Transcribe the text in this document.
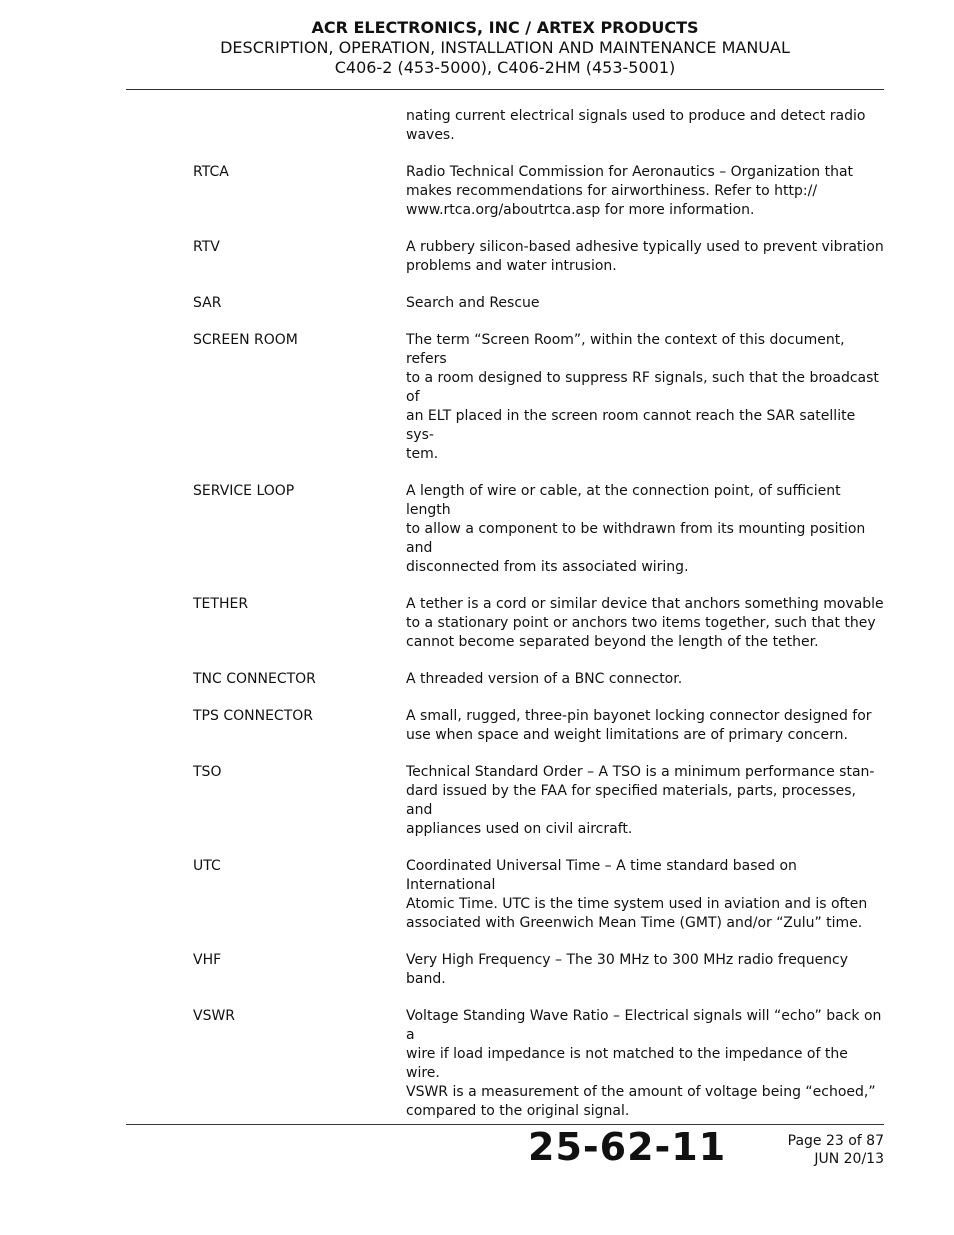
ACR ELECTRONICS, INC / ARTEX PRODUCTS
DESCRIPTION, OPERATION, INSTALLATION AND MAINTENANCE MANUAL
C406-2 (453-5000), C406-2HM (453-5001)
nating current electrical signals used to produce and detect radio
waves.
RTCA	Radio Technical Commission for Aeronautics – Organization that
makes recommendations for airworthiness. Refer to http://
www.rtca.org/aboutrtca.asp for more information.
RTV	A rubbery silicon-based adhesive typically used to prevent vibration
problems and water intrusion.
SAR	Search and Rescue
SCREEN ROOM	The term “Screen Room”, within the context of this document, refers
to a room designed to suppress RF signals, such that the broadcast of
an ELT placed in the screen room cannot reach the SAR satellite sys-
tem.
SERVICE LOOP	A length of wire or cable, at the connection point, of sufficient length
to allow a component to be withdrawn from its mounting position and
disconnected from its associated wiring.
TETHER	A tether is a cord or similar device that anchors something movable
to a stationary point or anchors two items together, such that they
cannot become separated beyond the length of the tether.
TNC CONNECTOR	A threaded version of a BNC connector.
TPS CONNECTOR	A small, rugged, three-pin bayonet locking connector designed for
use when space and weight limitations are of primary concern.
TSO	Technical Standard Order – A TSO is a minimum performance stan-
dard issued by the FAA for specified materials, parts, processes, and
appliances used on civil aircraft.
UTC	Coordinated Universal Time – A time standard based on International
Atomic Time. UTC is the time system used in aviation and is often
associated with Greenwich Mean Time (GMT) and/or “Zulu” time.
VHF	Very High Frequency – The 30 MHz to 300 MHz radio frequency band.
VSWR	Voltage Standing Wave Ratio – Electrical signals will “echo” back on a
wire if load impedance is not matched to the impedance of the wire.
VSWR is a measurement of the amount of voltage being “echoed,”
compared to the original signal.
25-62-11	Page 23 of 87
JUN 20/13
